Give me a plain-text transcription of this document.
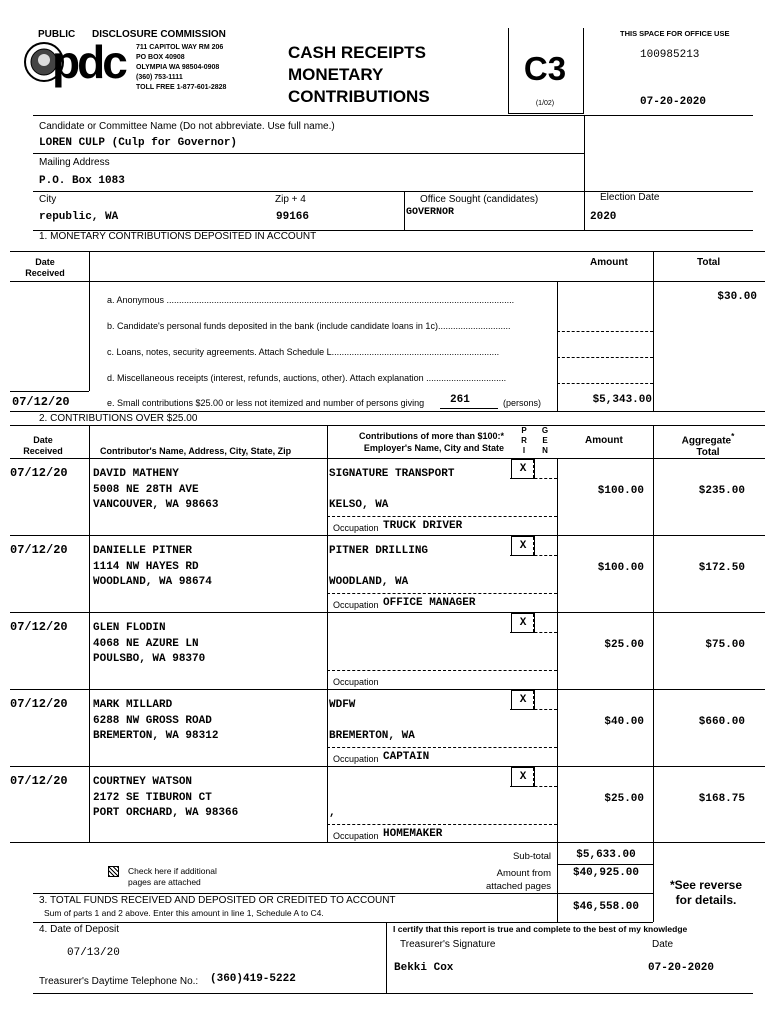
PUBLIC DISCLOSURE COMMISSION
pdc	711 CAPITOL WAY RM 206
PO BOX 40908
OLYMPIA WA 98504-0908
(360) 753-1111
TOLL FREE 1-877-601-2828
CASH RECEIPTS
MONETARY
CONTRIBUTIONS
C3
(1/02)
THIS SPACE FOR OFFICE USE
100985213
07-20-2020
Candidate or Committee Name (Do not abbreviate. Use full name.)
LOREN CULP (Culp for Governor)
Mailing Address
P.O. Box 1083
City
republic, WA
Zip + 4
99166
Office Sought (candidates)
GOVERNOR
Election Date
2020
1. MONETARY CONTRIBUTIONS DEPOSITED IN ACCOUNT
Date
Received
Amount	Total
a. Anonymous ...........................................................................................................................................	$30.00
b. Candidate's personal funds deposited in the bank (include candidate loans in 1c).............................
c. Loans, notes, security agreements. Attach Schedule L...................................................................
d. Miscellaneous receipts (interest, refunds, auctions, other). Attach explanation ................................
07/12/20	e. Small contributions $25.00 or less not itemized and number of persons giving 261	(persons)	$5,343.00
2. CONTRIBUTIONS OVER $25.00
Date
Received	Contributor's Name, Address, City, State, Zip
Contributions of more than $100:*
Employer's Name, City and State
P
R
I
G
E
N
Amount	Aggregate*
Total
07/12/20 DAVID MATHENY
5008 NE 28TH AVE
VANCOUVER, WA 98663
SIGNATURE TRANSPORT
KELSO, WA
X
Occupation TRUCK DRIVER
$100.00	$235.00
07/12/20 DANIELLE PITNER
1114 NW HAYES RD
WOODLAND, WA 98674
PITNER DRILLING
WOODLAND, WA
X
Occupation OFFICE MANAGER
$100.00	$172.50
07/12/20 GLEN FLODIN
4068 NE AZURE LN
POULSBO, WA 98370
X
Occupation
$25.00	$75.00
07/12/20 MARK MILLARD
6288 NW GROSS ROAD
BREMERTON, WA 98312
WDFW
BREMERTON, WA
X
Occupation CAPTAIN
$40.00	$660.00
07/12/20 COURTNEY WATSON
2172 SE TIBURON CT
PORT ORCHARD, WA 98366	,
X
Occupation HOMEMAKER
$25.00	$168.75
Check here if additional
pages are attached
Sub-total	$5,633.00
Amount from
attached pages
$40,925.00
*See reverse
for details.
3. TOTAL FUNDS RECEIVED AND DEPOSITED OR CREDITED TO ACCOUNT
Sum of parts 1 and 2 above. Enter this amount in line 1, Schedule A to C4.	$46,558.00
4. Date of Deposit
07/13/20
I certify that this report is true and complete to the best of my knowledge
Treasurer's Signature	Date
Bekki Cox	07-20-2020
Treasurer's Daytime Telephone No.: (360)419-5222
